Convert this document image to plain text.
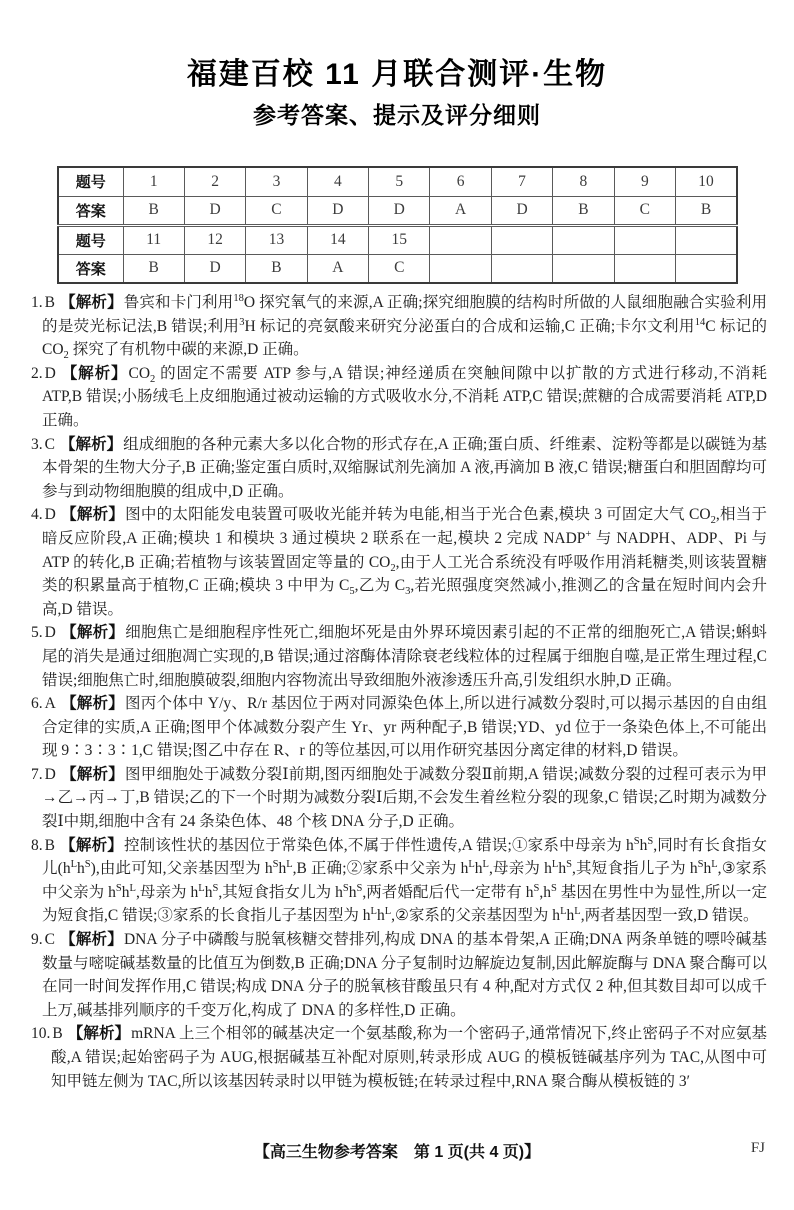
福建百校 11 月联合测评·生物
参考答案、提示及评分细则
题号	1	2	3	4	5	6	7	8	9	10
答案	B	D	C	D	D	A	D	B	C	B
题号	11	12	13	14	15					
答案	B	D	B	A	C					

1. B 【解析】鲁宾和卡门利用$^{18}$O 探究氧气的来源,A 正确;探究细胞膜的结构时所做的人鼠细胞融合实验利用的是荧光标记法,B 错误;利用$^3$H 标记的亮氨酸来研究分泌蛋白的合成和运输,C 正确;卡尔文利用$^{14}$C 标记的 $CO_2$ 探究了有机物中碳的来源,D 正确。

2. D 【解析】$CO_2$ 的固定不需要 ATP 参与,A 错误;神经递质在突触间隙中以扩散的方式进行移动,不消耗 ATP,B 错误;小肠绒毛上皮细胞通过被动运输的方式吸收水分,不消耗 ATP,C 错误;蔗糖的合成需要消耗 ATP,D 正确。

3. C 【解析】组成细胞的各种元素大多以化合物的形式存在,A 正确;蛋白质、纤维素、淀粉等都是以碳链为基本骨架的生物大分子,B 正确;鉴定蛋白质时,双缩脲试剂先滴加 A 液,再滴加 B 液,C 错误;糖蛋白和胆固醇均可参与到动物细胞膜的组成中,D 正确。

4. D 【解析】图中的太阳能发电装置可吸收光能并转为电能,相当于光合色素,模块 3 可固定大气 $CO_2$,相当于暗反应阶段,A 正确;模块 1 和模块 3 通过模块 2 联系在一起,模块 2 完成 NADP+ 与 NADPH、ADP、Pi 与 ATP 的转化,B 正确;若植物与该装置固定等量的 $CO_2$,由于人工光合系统没有呼吸作用消耗糖类,则该装置糖类的积累量高于植物,C 正确;模块 3 中甲为 $C_5$,乙为 $C_3$,若光照强度突然减小,推测乙的含量在短时间内会升高,D 错误。

5. D 【解析】细胞焦亡是细胞程序性死亡,细胞坏死是由外界环境因素引起的不正常的细胞死亡,A 错误;蝌蚪尾的消失是通过细胞凋亡实现的,B 错误;通过溶酶体清除衰老线粒体的过程属于细胞自噬,是正常生理过程,C 错误;细胞焦亡时,细胞膜破裂,细胞内容物流出导致细胞外液渗透压升高,引发组织水肿,D 正确。

6. A 【解析】图丙个体中 Y/y、R/r 基因位于两对同源染色体上,所以进行减数分裂时,可以揭示基因的自由组合定律的实质,A 正确;图甲个体减数分裂产生 Yr、yr 两种配子,B 错误;YD、yd 位于一条染色体上,不可能出现 9∶3∶3∶1,C 错误;图乙中存在 R、r 的等位基因,可以用作研究基因分离定律的材料,D 错误。

7. D 【解析】图甲细胞处于减数分裂Ⅰ前期,图丙细胞处于减数分裂Ⅱ前期,A 错误;减数分裂的过程可表示为甲→乙→丙→丁,B 错误;乙的下一个时期为减数分裂Ⅰ后期,不会发生着丝粒分裂的现象,C 错误;乙时期为减数分裂Ⅰ中期,细胞中含有 24 条染色体、48 个核 DNA 分子,D 正确。

8. B 【解析】控制该性状的基因位于常染色体,不属于伴性遗传,A 错误;①家系中母亲为 $h^Sh^S$,同时有长食指女儿$(h^Lh^S)$,由此可知,父亲基因型为 $h^Sh^L,B$ 正确;②家系中父亲为 $h^Lh^L$,母亲为 $h^Lh^S$,其短食指儿子为 $h^Sh^L,③$家系中父亲为 $h^Sh^L$,母亲为 $h^Lh^S$,其短食指女儿为 $h^Sh^S$,两者婚配后代一定带有 $h^S,h^S$ 基因在男性中为显性,所以一定为短食指,C 错误;③家系的长食指儿子基因型为 $h^Lh^L,②$家系的父亲基因型为 $h^Lh^L$,两者基因型一致,D 错误。

9. C 【解析】DNA 分子中磷酸与脱氧核糖交替排列,构成 DNA 的基本骨架,A 正确;DNA 两条单链的嘌呤碱基数量与嘧啶碱基数量的比值互为倒数,B 正确;DNA 分子复制时边解旋边复制,因此解旋酶与 DNA 聚合酶可以在同一时间发挥作用,C 错误;构成 DNA 分子的脱氧核苷酸虽只有 4 种,配对方式仅 2 种,但其数目却可以成千上万,碱基排列顺序的千变万化,构成了 DNA 的多样性,D 正确。

10. B 【解析】mRNA 上三个相邻的碱基决定一个氨基酸,称为一个密码子,通常情况下,终止密码子不对应氨基酸,A 错误;起始密码子为 AUG,根据碱基互补配对原则,转录形成 AUG 的模板链碱基序列为 TAC,从图中可知甲链左侧为 TAC,所以该基因转录时以甲链为模板链;在转录过程中,RNA 聚合酶从模板链的 3′

【高三生物参考答案　第 1 页(共 4 页)】	FJ
